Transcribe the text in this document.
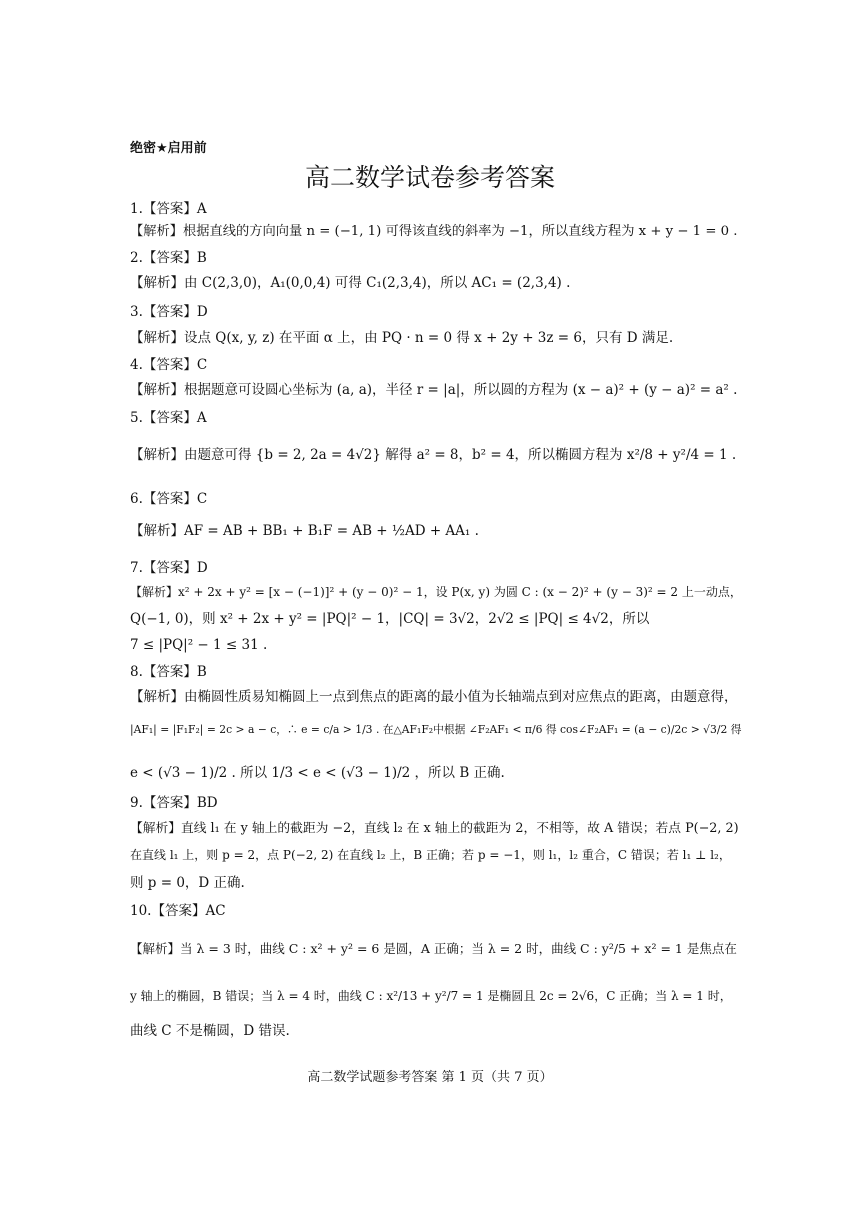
绝密★启用前
高二数学试卷参考答案
1.【答案】A
【解析】根据直线的方向向量 n = (−1, 1) 可得该直线的斜率为 −1，所以直线方程为 x + y − 1 = 0 .
2.【答案】B
【解析】由 C(2,3,0)，A₁(0,0,4) 可得 C₁(2,3,4)，所以 AC₁ = (2,3,4) .
3.【答案】D
【解析】设点 Q(x, y, z) 在平面 α 上，由 PQ · n = 0 得 x + 2y + 3z = 6，只有 D 满足.
4.【答案】C
【解析】根据题意可设圆心坐标为 (a, a)，半径 r = |a|，所以圆的方程为 (x − a)² + (y − a)² = a² .
5.【答案】A
【解析】由题意可得 {b = 2, 2a = 4√2} 解得 a² = 8，b² = 4，所以椭圆方程为 x²/8 + y²/4 = 1 .
6.【答案】C
【解析】AF = AB + BB₁ + B₁F = AB + ½AD + AA₁ .
7.【答案】D
【解析】x² + 2x + y² = [x − (−1)]² + (y − 0)² − 1，设 P(x, y) 为圆 C : (x − 2)² + (y − 3)² = 2 上一动点，
Q(−1, 0)，则 x² + 2x + y² = |PQ|² − 1，|CQ| = 3√2，2√2 ≤ |PQ| ≤ 4√2，所以
7 ≤ |PQ|² − 1 ≤ 31 .
8.【答案】B
【解析】由椭圆性质易知椭圆上一点到焦点的距离的最小值为长轴端点到对应焦点的距离，由题意得，
|AF₁| = |F₁F₂| = 2c > a − c，∴ e = c/a > 1/3 . 在△AF₁F₂中根据 ∠F₂AF₁ < π/6 得 cos∠F₂AF₁ = (a − c)/2c > √3/2 得
e < (√3 − 1)/2 . 所以 1/3 < e < (√3 − 1)/2 ，所以 B 正确.
9.【答案】BD
【解析】直线 l₁ 在 y 轴上的截距为 −2，直线 l₂ 在 x 轴上的截距为 2，不相等，故 A 错误；若点 P(−2, 2)
在直线 l₁ 上，则 p = 2，点 P(−2, 2) 在直线 l₂ 上，B 正确；若 p = −1，则 l₁，l₂ 重合，C 错误；若 l₁ ⊥ l₂，
则 p = 0，D 正确.
10.【答案】AC
【解析】当 λ = 3 时，曲线 C : x² + y² = 6 是圆，A 正确；当 λ = 2 时，曲线 C : y²/5 + x² = 1 是焦点在
y 轴上的椭圆，B 错误；当 λ = 4 时，曲线 C : x²/13 + y²/7 = 1 是椭圆且 2c = 2√6，C 正确；当 λ = 1 时，
曲线 C 不是椭圆，D 错误.
高二数学试题参考答案 第 1 页（共 7 页）
